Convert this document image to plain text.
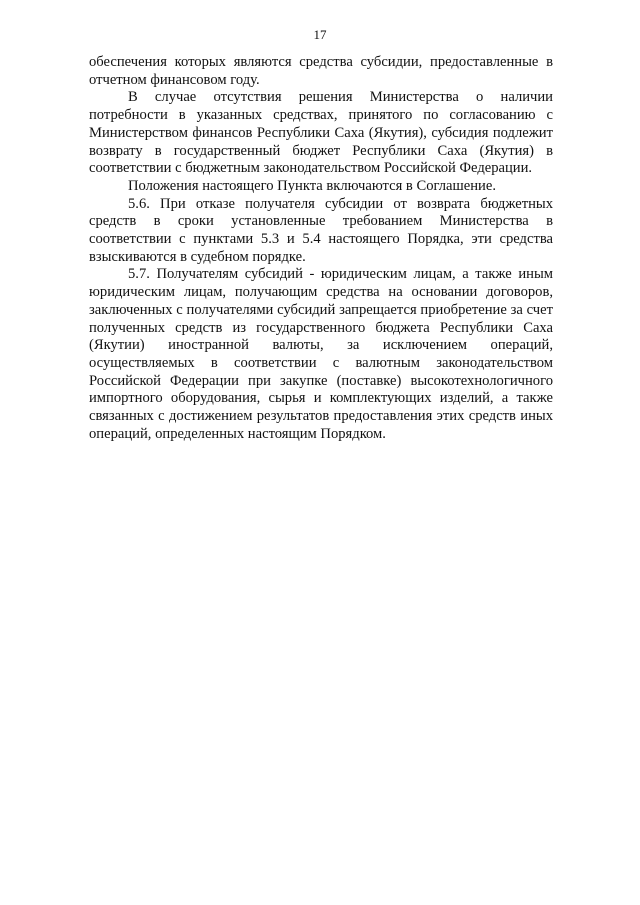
17

обеспечения которых являются средства субсидии, предоставленные в отчетном финансовом году.

В случае отсутствия решения Министерства о наличии потребности в указанных средствах, принятого по согласованию с Министерством финансов Республики Саха (Якутия), субсидия подлежит возврату в государственный бюджет Республики Саха (Якутия) в соответствии с бюджетным законодательством Российской Федерации.

Положения настоящего Пункта включаются в Соглашение.

5.6. При отказе получателя субсидии от возврата бюджетных средств в сроки установленные требованием Министерства в соответствии с пунктами 5.3 и 5.4 настоящего Порядка, эти средства взыскиваются в судебном порядке.

5.7. Получателям субсидий - юридическим лицам, а также иным юридическим лицам, получающим средства на основании договоров, заключенных с получателями субсидий запрещается приобретение за счет полученных средств из государственного бюджета Республики Саха (Якутии) иностранной валюты, за исключением операций, осуществляемых в соответствии с валютным законодательством Российской Федерации при закупке (поставке) высокотехнологичного импортного оборудования, сырья и комплектующих изделий, а также связанных с достижением результатов предоставления этих средств иных операций, определенных настоящим Порядком.
